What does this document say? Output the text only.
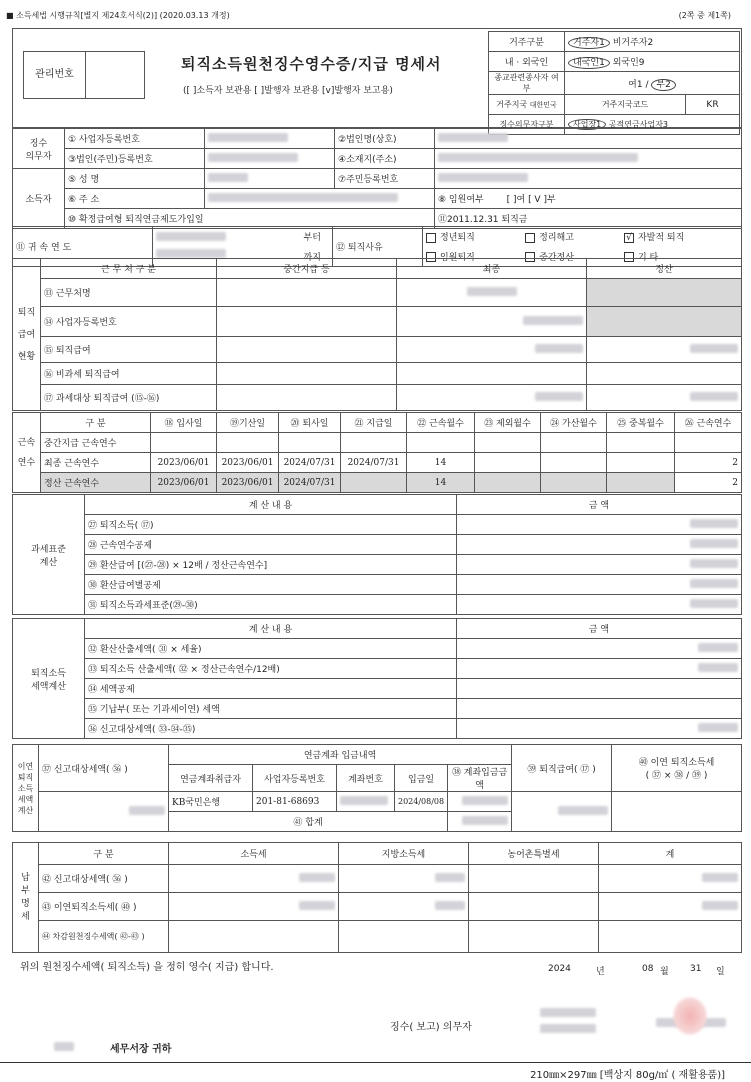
■ 소득세법 시행규칙[별지 제24호서식(2)] (2020.03.13 개정)	(2쪽 중 제1쪽)
관리번호
퇴직소득원천징수영수증/지급 명세서
([ ]소득자 보관용 [ ]발행자 보관용 [v]발행자 보고용)
거주구분	거주자1 비거주자2	
내 · 외국인	내국인1 외국인9	
종교관련종사자 여부	여1 / 부2	
거주지국 대한민국	거주지국코드	KR
징수의무자구분	사업장1 공적연금사업자3	
징수
의무자	① 사업자등록번호		②법인명(상호)	
	③법인(주민)등록번호		④소재지(주소)	
소득자	⑤ 성 명		⑦주민등록번호	
	⑥ 주 소			⑧ 임원여부 [ ]여 [ V ]부
	⑩ 확정급여형 퇴직연금제도가입일			⑪2011.12.31 퇴직금
⑪ 귀 속 연 도		부터	⑫ 퇴직사유	정년퇴직	정리해고	√ 자발적 퇴직
		까지		임원퇴직	중간정산	기 타
퇴직
급여
현황	근 무 처 구 분	중간지급 등	최종	정산
	⑬ 근무처명			
	⑭ 사업자등록번호			
	⑮ 퇴직급여			
	⑯ 비과세 퇴직급여			
	⑰ 과세대상 퇴직급여 (⑮-⑯)			
근속
연수	구 분	⑱ 입사일	⑲기산일	⑳ 퇴사일	㉑ 지급일	㉒ 근속월수	㉓ 제외월수	㉔ 가산월수	㉕ 중복월수	㉖ 근속연수
	중간지급 근속연수									
	최종 근속연수	2023/06/01	2023/06/01	2024/07/31	2024/07/31	14				2
	정산 근속연수	2023/06/01	2023/06/01	2024/07/31		14				2
과세표준
계산	계 산 내 용	금 액
	㉗ 퇴직소득( ⑰)	
	㉘ 근속연수공제	
	㉙ 환산급여 [(㉗-㉘) × 12배 / 정산근속연수]	
	㉚ 환산급여별공제	
	㉛ 퇴직소득과세표준(㉙-㉚)	
퇴직소득
세액계산	계 산 내 용	금 액
	㉜ 환산산출세액( ㉛ × 세율)	
	㉝ 퇴직소득 산출세액( ㉜ × 정산근속연수/12배)	
	㉞ 세액공제	
	㉟ 기납부( 또는 기과세이연) 세액	
	㊱ 신고대상세액( ㉝-㉞-㉟)	
이연
퇴직
소득
세액
계산	㊲ 신고대상세액( ㊱ )	연금계좌 입금내역					㊴ 퇴직급여( ⑰ )	㊵ 이연 퇴직소득세
( ㊲ × ㊳ / ㊴ )
		연금계좌취급자	사업자등록번호	계좌번호	입금일	㊳ 계좌입금금액		
		KB국민은행	201-81-68693		2024/08/08			
		㊶ 합계						
납
부
명
세	구 분	소득세	지방소득세	농어촌특별세	계
	㊷ 신고대상세액( ㊱ )				
	㊸ 이연퇴직소득세( ㊵ )				
	㊹ 차감원천징수세액( ㊷-㊸ )				
위의 원천징수세액( 퇴직소득) 을 정히 영수( 지급) 합니다.	2024	년	08 월 31 일
징수( 보고) 의무자
세무서장 귀하
210㎜×297㎜ [백상지 80g/㎡ ( 재활용품)]
